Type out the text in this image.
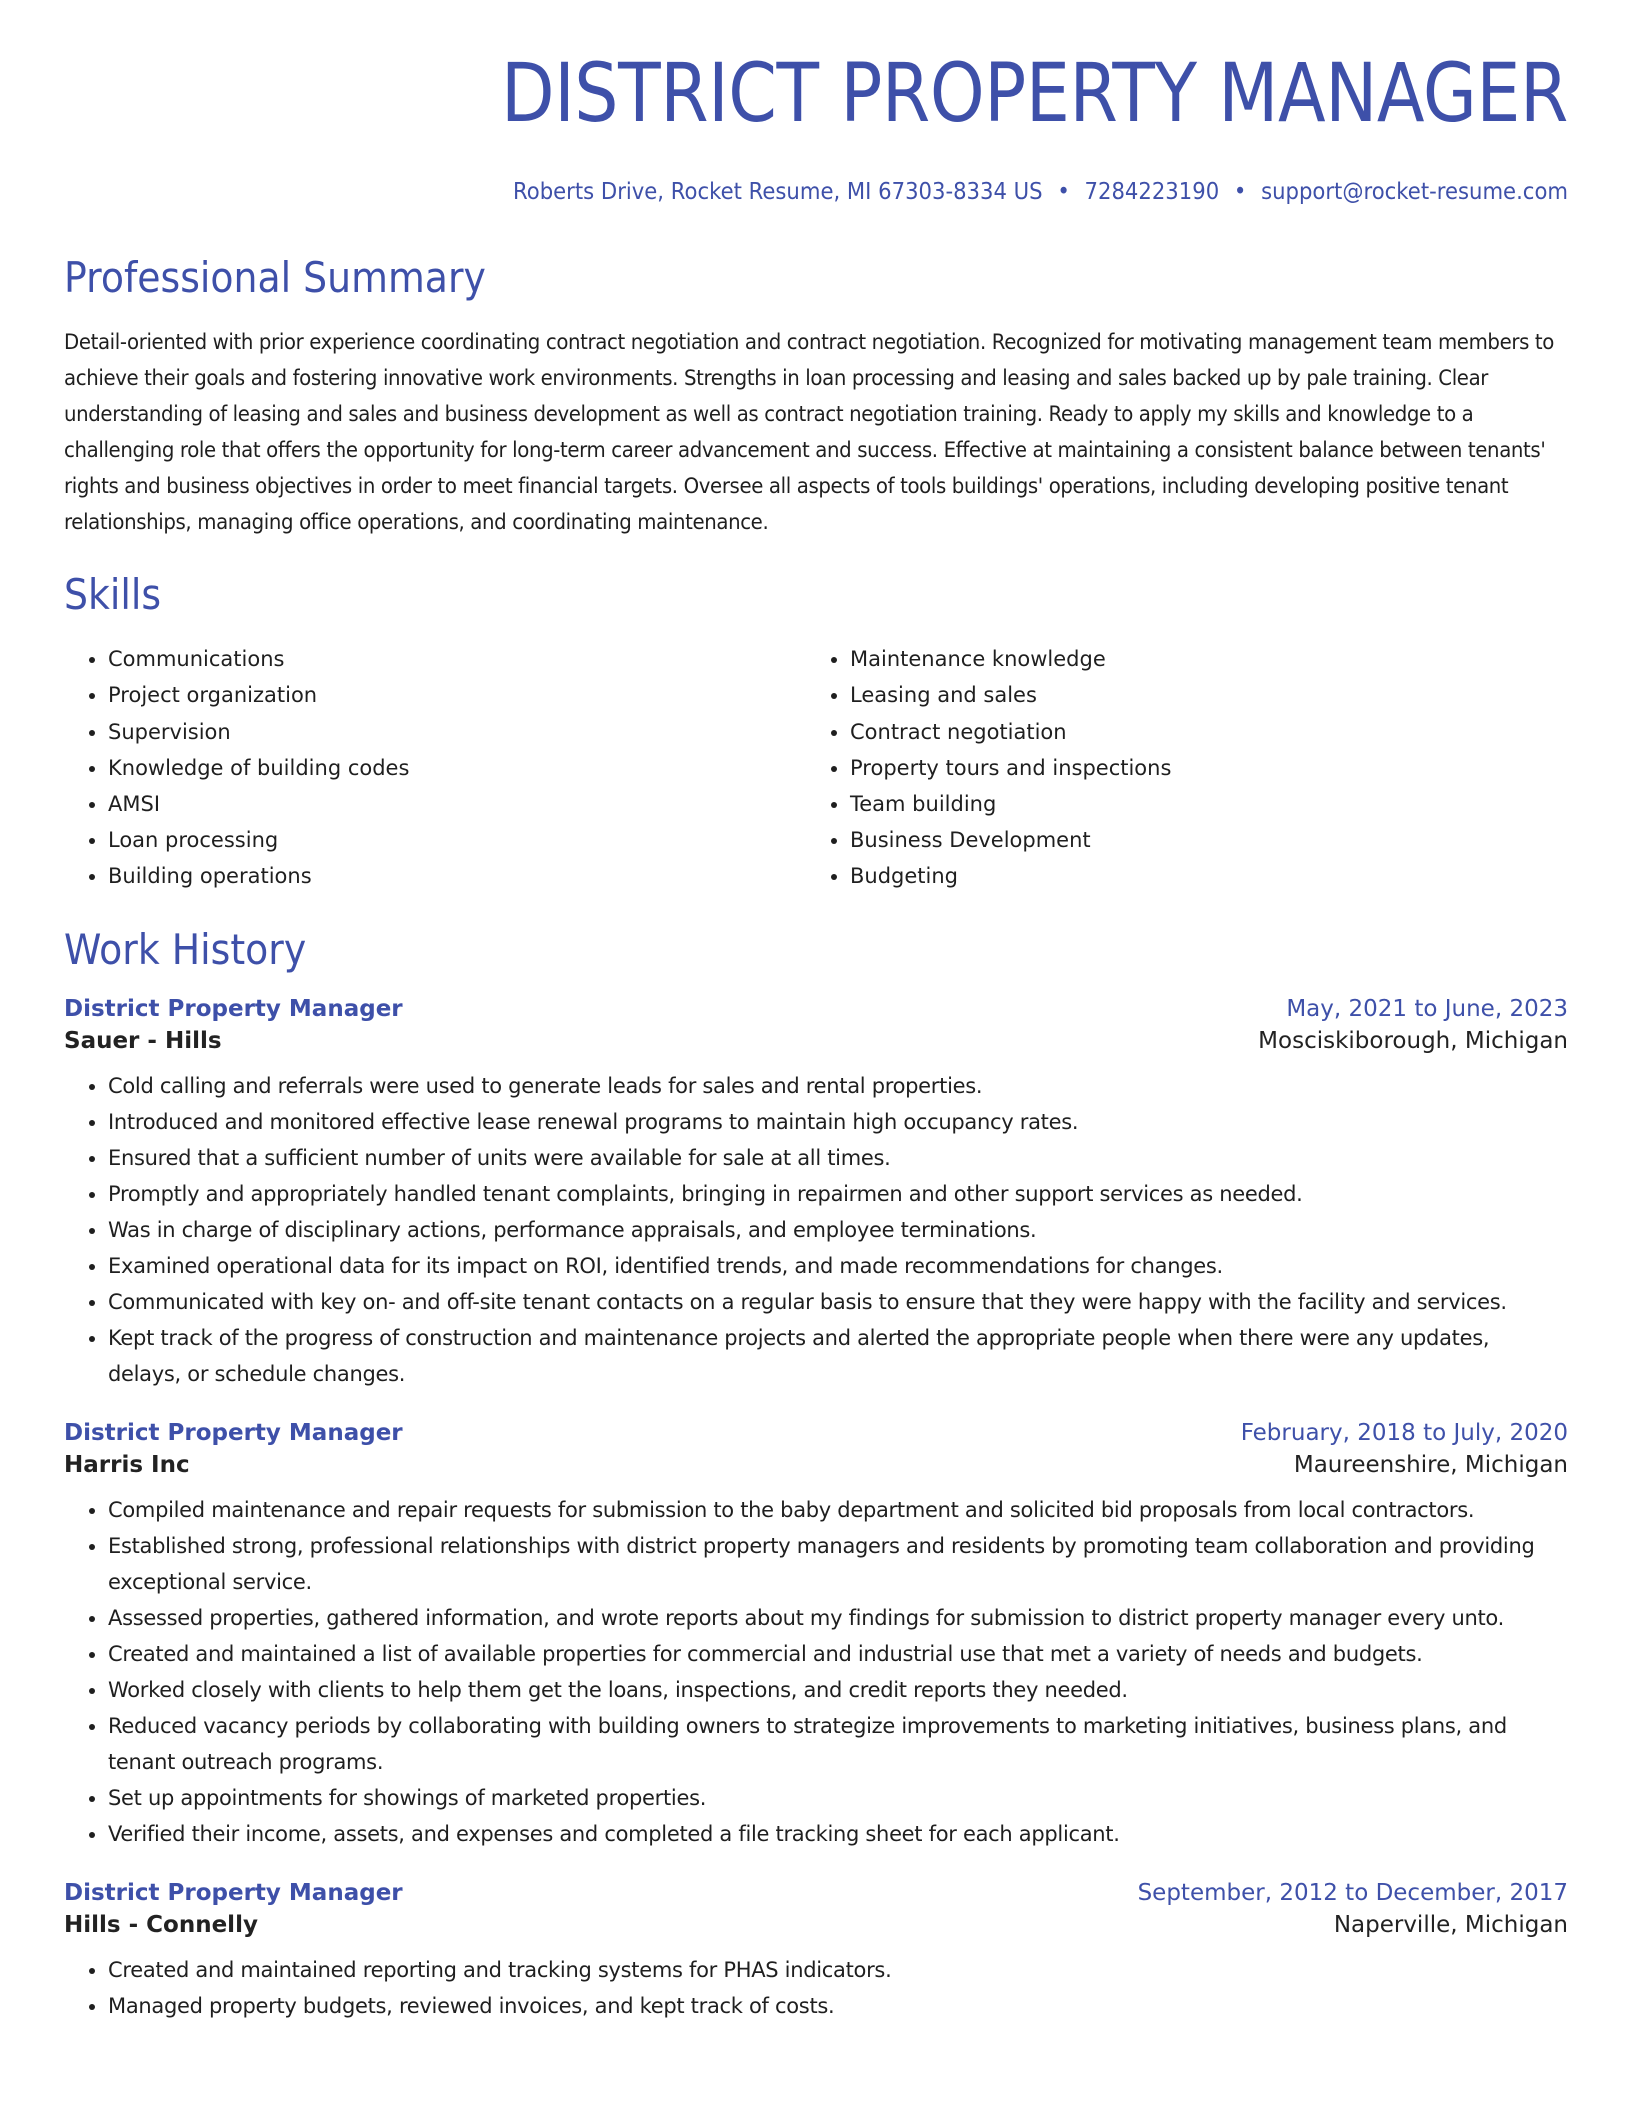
DISTRICT PROPERTY MANAGER
Roberts Drive, Rocket Resume, MI 67303-8334 US • 7284223190 • support@rocket-resume.com
Professional Summary
Detail-oriented with prior experience coordinating contract negotiation and contract negotiation. Recognized for motivating management team members to achieve their goals and fostering innovative work environments. Strengths in loan processing and leasing and sales backed up by pale training. Clear understanding of leasing and sales and business development as well as contract negotiation training. Ready to apply my skills and knowledge to a challenging role that offers the opportunity for long-term career advancement and success. Effective at maintaining a consistent balance between tenants' rights and business objectives in order to meet financial targets. Oversee all aspects of tools buildings' operations, including developing positive tenant relationships, managing office operations, and coordinating maintenance.
Skills
• Communications
• Project organization
• Supervision
• Knowledge of building codes
• AMSI
• Loan processing
• Building operations
• Maintenance knowledge
• Leasing and sales
• Contract negotiation
• Property tours and inspections
• Team building
• Business Development
• Budgeting
Work History
District Property Manager	May, 2021 to June, 2023
Sauer - Hills	Mosciskiborough, Michigan
• Cold calling and referrals were used to generate leads for sales and rental properties.
• Introduced and monitored effective lease renewal programs to maintain high occupancy rates.
• Ensured that a sufficient number of units were available for sale at all times.
• Promptly and appropriately handled tenant complaints, bringing in repairmen and other support services as needed.
• Was in charge of disciplinary actions, performance appraisals, and employee terminations.
• Examined operational data for its impact on ROI, identified trends, and made recommendations for changes.
• Communicated with key on- and off-site tenant contacts on a regular basis to ensure that they were happy with the facility and services.
• Kept track of the progress of construction and maintenance projects and alerted the appropriate people when there were any updates, delays, or schedule changes.
District Property Manager	February, 2018 to July, 2020
Harris Inc	Maureenshire, Michigan
• Compiled maintenance and repair requests for submission to the baby department and solicited bid proposals from local contractors.
• Established strong, professional relationships with district property managers and residents by promoting team collaboration and providing exceptional service.
• Assessed properties, gathered information, and wrote reports about my findings for submission to district property manager every unto.
• Created and maintained a list of available properties for commercial and industrial use that met a variety of needs and budgets.
• Worked closely with clients to help them get the loans, inspections, and credit reports they needed.
• Reduced vacancy periods by collaborating with building owners to strategize improvements to marketing initiatives, business plans, and tenant outreach programs.
• Set up appointments for showings of marketed properties.
• Verified their income, assets, and expenses and completed a file tracking sheet for each applicant.
District Property Manager	September, 2012 to December, 2017
Hills - Connelly	Naperville, Michigan
• Created and maintained reporting and tracking systems for PHAS indicators.
• Managed property budgets, reviewed invoices, and kept track of costs.
